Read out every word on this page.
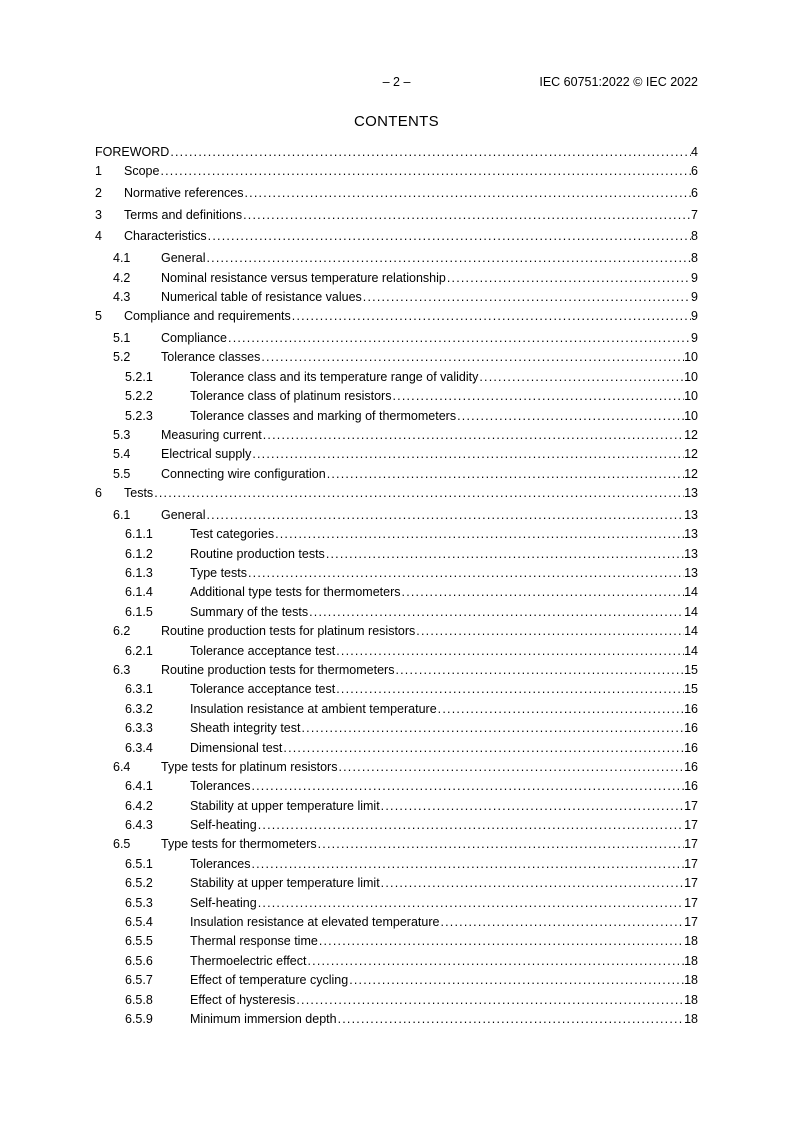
– 2 –	IEC 60751:2022 © IEC 2022
CONTENTS
FOREWORD .....	4
1	Scope .....	6
2	Normative references .....	6
3	Terms and definitions .....	7
4	Characteristics .....	8
4.1	General .....	8
4.2	Nominal resistance versus temperature relationship .....	9
4.3	Numerical table of resistance values .....	9
5	Compliance and requirements .....	9
5.1	Compliance .....	9
5.2	Tolerance classes .....	10
5.2.1	Tolerance class and its temperature range of validity .....	10
5.2.2	Tolerance class of platinum resistors .....	10
5.2.3	Tolerance classes and marking of thermometers .....	10
5.3	Measuring current .....	12
5.4	Electrical supply .....	12
5.5	Connecting wire configuration .....	12
6	Tests .....	13
6.1	General .....	13
6.1.1	Test categories .....	13
6.1.2	Routine production tests .....	13
6.1.3	Type tests .....	13
6.1.4	Additional type tests for thermometers .....	14
6.1.5	Summary of the tests .....	14
6.2	Routine production tests for platinum resistors .....	14
6.2.1	Tolerance acceptance test .....	14
6.3	Routine production tests for thermometers .....	15
6.3.1	Tolerance acceptance test .....	15
6.3.2	Insulation resistance at ambient temperature .....	16
6.3.3	Sheath integrity test .....	16
6.3.4	Dimensional test .....	16
6.4	Type tests for platinum resistors .....	16
6.4.1	Tolerances .....	16
6.4.2	Stability at upper temperature limit .....	17
6.4.3	Self-heating .....	17
6.5	Type tests for thermometers .....	17
6.5.1	Tolerances .....	17
6.5.2	Stability at upper temperature limit .....	17
6.5.3	Self-heating .....	17
6.5.4	Insulation resistance at elevated temperature .....	17
6.5.5	Thermal response time .....	18
6.5.6	Thermoelectric effect .....	18
6.5.7	Effect of temperature cycling .....	18
6.5.8	Effect of hysteresis .....	18
6.5.9	Minimum immersion depth .....	18
